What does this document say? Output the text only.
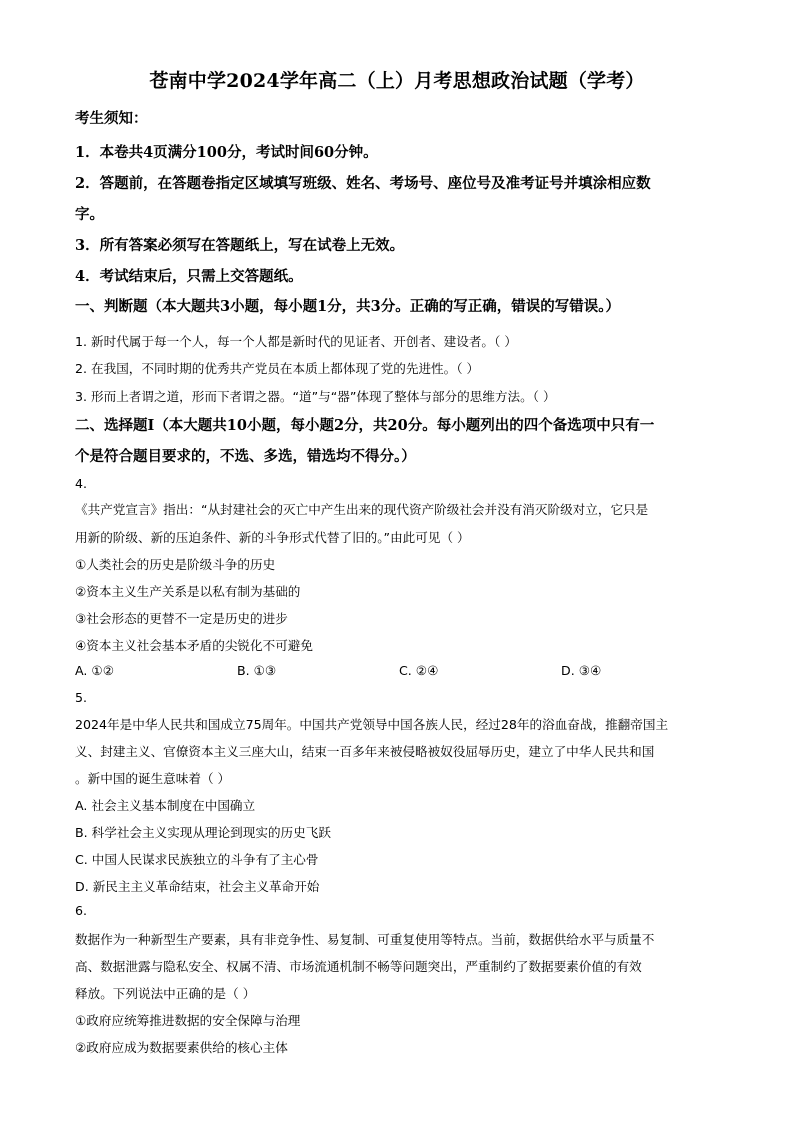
苍南中学2024学年高二（上）月考思想政治试题（学考）
考生须知：
1．本卷共4页满分100分，考试时间60分钟。
2．答题前，在答题卷指定区域填写班级、姓名、考场号、座位号及准考证号并填涂相应数
字。
3．所有答案必须写在答题纸上，写在试卷上无效。
4．考试结束后，只需上交答题纸。
一、判断题（本大题共3小题，每小题1分，共3分。正确的写正确，错误的写错误。）
1. 新时代属于每一个人，每一个人都是新时代的见证者、开创者、建设者。（ ）
2. 在我国，不同时期的优秀共产党员在本质上都体现了党的先进性。（ ）
3. 形而上者谓之道，形而下者谓之器。“道”与“器”体现了整体与部分的思维方法。（ ）
二、选择题Ⅰ（本大题共10小题，每小题2分，共20分。每小题列出的四个备选项中只有一
个是符合题目要求的，不选、多选，错选均不得分。）
4.
《共产党宣言》指出：“从封建社会的灭亡中产生出来的现代资产阶级社会并没有消灭阶级对立，它只是
用新的阶级、新的压迫条件、新的斗争形式代替了旧的。”由此可见（ ）
①人类社会的历史是阶级斗争的历史
②资本主义生产关系是以私有制为基础的
③社会形态的更替不一定是历史的进步
④资本主义社会基本矛盾的尖锐化不可避免
A. ①②	B. ①③	C. ②④	D. ③④
5.
2024年是中华人民共和国成立75周年。中国共产党领导中国各族人民，经过28年的浴血奋战，推翻帝国主
义、封建主义、官僚资本主义三座大山，结束一百多年来被侵略被奴役屈辱历史，建立了中华人民共和国
。新中国的诞生意味着（ ）
A. 社会主义基本制度在中国确立
B. 科学社会主义实现从理论到现实的历史飞跃
C. 中国人民谋求民族独立的斗争有了主心骨
D. 新民主主义革命结束，社会主义革命开始
6.
数据作为一种新型生产要素，具有非竞争性、易复制、可重复使用等特点。当前，数据供给水平与质量不
高、数据泄露与隐私安全、权属不清、市场流通机制不畅等问题突出，严重制约了数据要素价值的有效
释放。下列说法中正确的是（ ）
①政府应统筹推进数据的安全保障与治理
②政府应成为数据要素供给的核心主体
